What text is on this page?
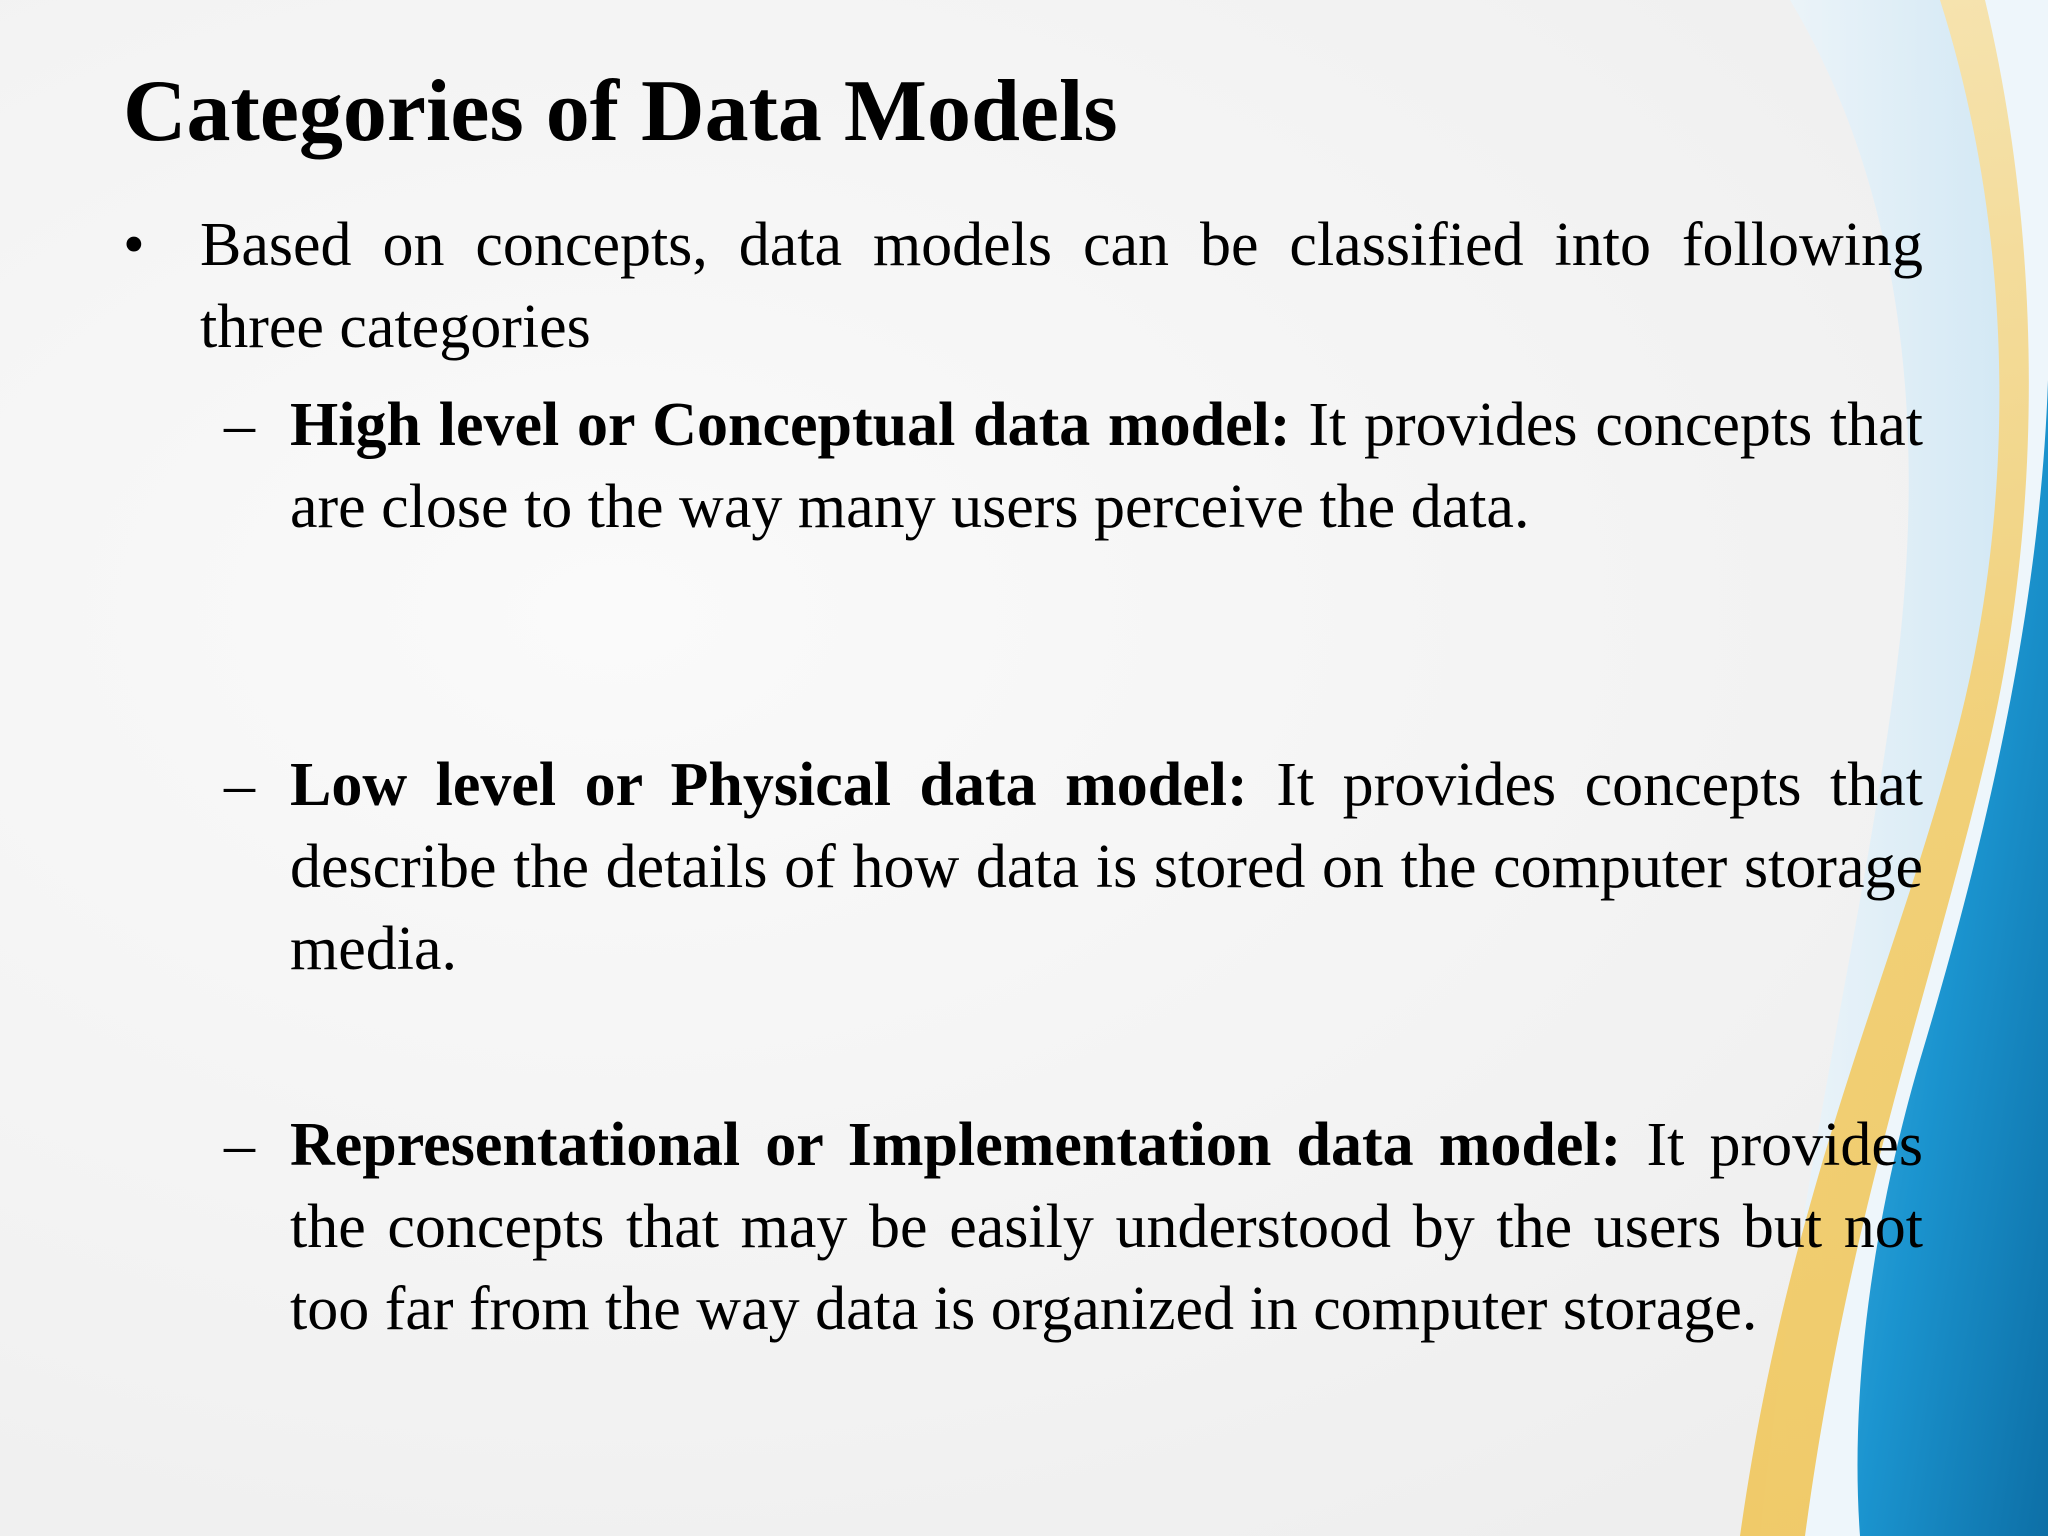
Categories of Data Models
• Based on concepts, data models can be classified into following three categories

– High level or Conceptual data model: It provides concepts that are close to the way many users perceive the data.

– Low level or Physical data model: It provides concepts that describe the details of how data is stored on the computer storage media.

– Representational or Implementation data model: It provides the concepts that may be easily understood by the users but not too far from the way data is organized in computer storage.
